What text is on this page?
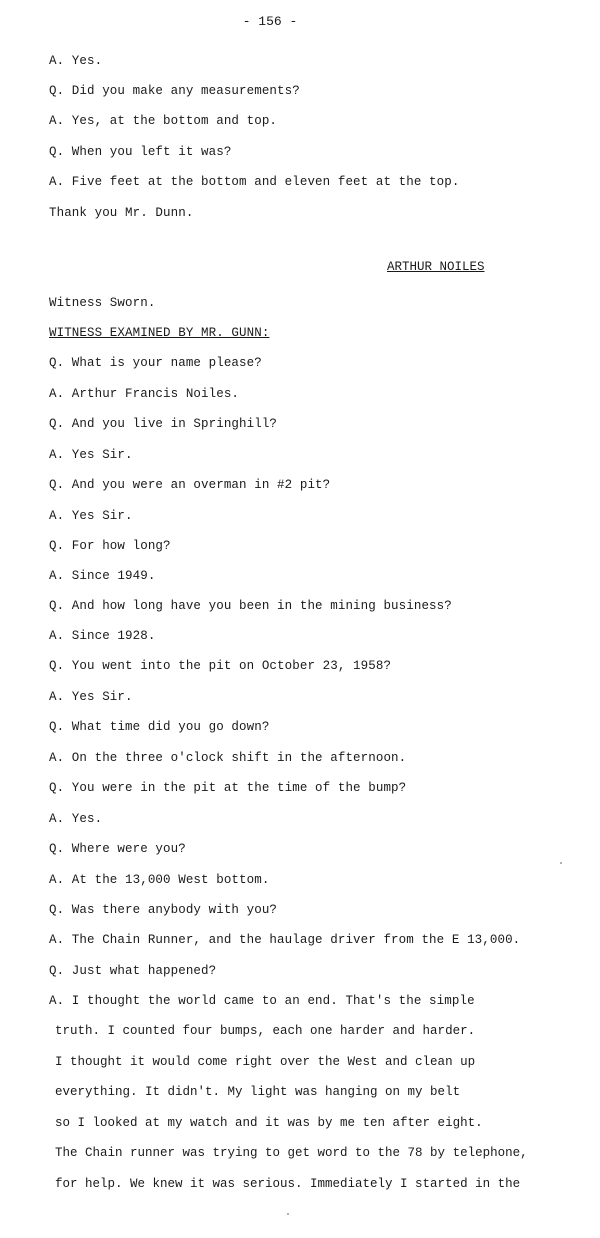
- 156 -
A. Yes.
Q. Did you make any measurements?
A. Yes, at the bottom and top.
Q. When you left it was?
A. Five feet at the bottom and eleven feet at the top.
Thank you Mr. Dunn.
ARTHUR NOILES
Witness Sworn.
WITNESS EXAMINED BY MR. GUNN:
Q. What is your name please?
A. Arthur Francis Noiles.
Q. And you live in Springhill?
A. Yes Sir.
Q. And you were an overman in #2 pit?
A. Yes Sir.
Q. For how long?
A. Since 1949.
Q. And how long have you been in the mining business?
A. Since 1928.
Q. You went into the pit on October 23, 1958?
A. Yes Sir.
Q. What time did you go down?
A. On the three o'clock shift in the afternoon.
Q. You were in the pit at the time of the bump?
A. Yes.
Q. Where were you?
A. At the 13,000 West bottom.
Q. Was there anybody with you?
A. The Chain Runner, and the haulage driver from the E 13,000.
Q. Just what happened?
A. I thought the world came to an end. That's the simple
truth. I counted four bumps, each one harder and harder.
I thought it would come right over the West and clean up
everything. It didn't. My light was hanging on my belt
so I looked at my watch and it was by me ten after eight.
The Chain runner was trying to get word to the 78 by telephone,
for help. We knew it was serious. Immediately I started in the
